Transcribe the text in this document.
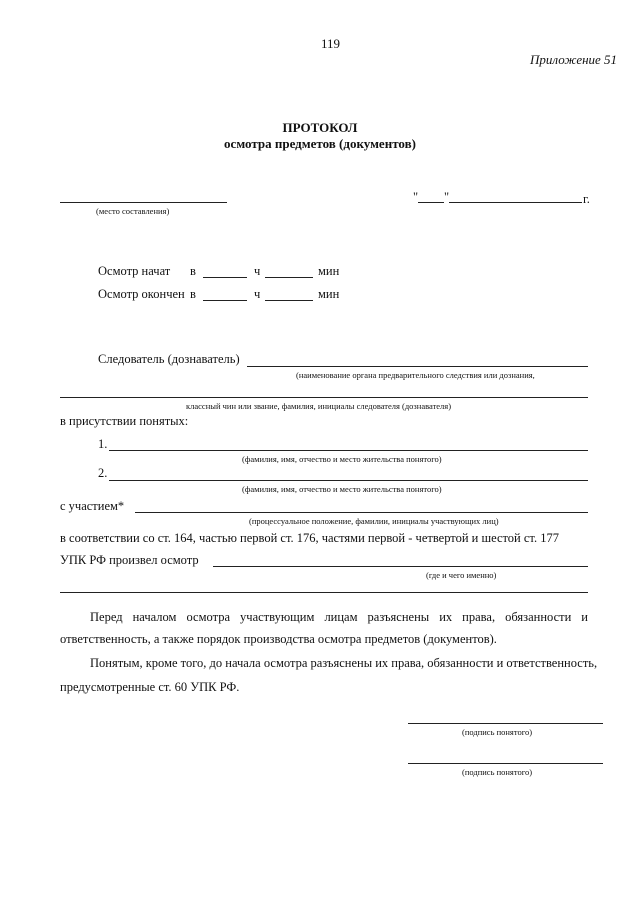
119
Приложение 51
ПРОТОКОЛ
осмотра предметов (документов)
(место составления)
" "	г.
Осмотр начат в	ч	мин
Осмотр окончен в	ч	мин
Следователь (дознаватель)
(наименование органа предварительного следствия или дознания,
классный чин или звание, фамилия, инициалы следователя (дознавателя)
в присутствии понятых:
1.
(фамилия, имя, отчество и место жительства понятого)
2.
(фамилия, имя, отчество и место жительства понятого)
с участием*
(процессуальное положение, фамилии, инициалы участвующих лиц)
в соответствии со ст. 164, частью первой ст. 176, частями первой - четвертой и шестой ст. 177
УПК РФ произвел осмотр
(где и чего именно)
Перед началом осмотра участвующим лицам разъяснены их права, обязанности и
ответственность, а также порядок производства осмотра предметов (документов).
Понятым, кроме того, до начала осмотра разъяснены их права, обязанности и ответственность,
предусмотренные ст. 60 УПК РФ.
(подпись понятого)
(подпись понятого)
